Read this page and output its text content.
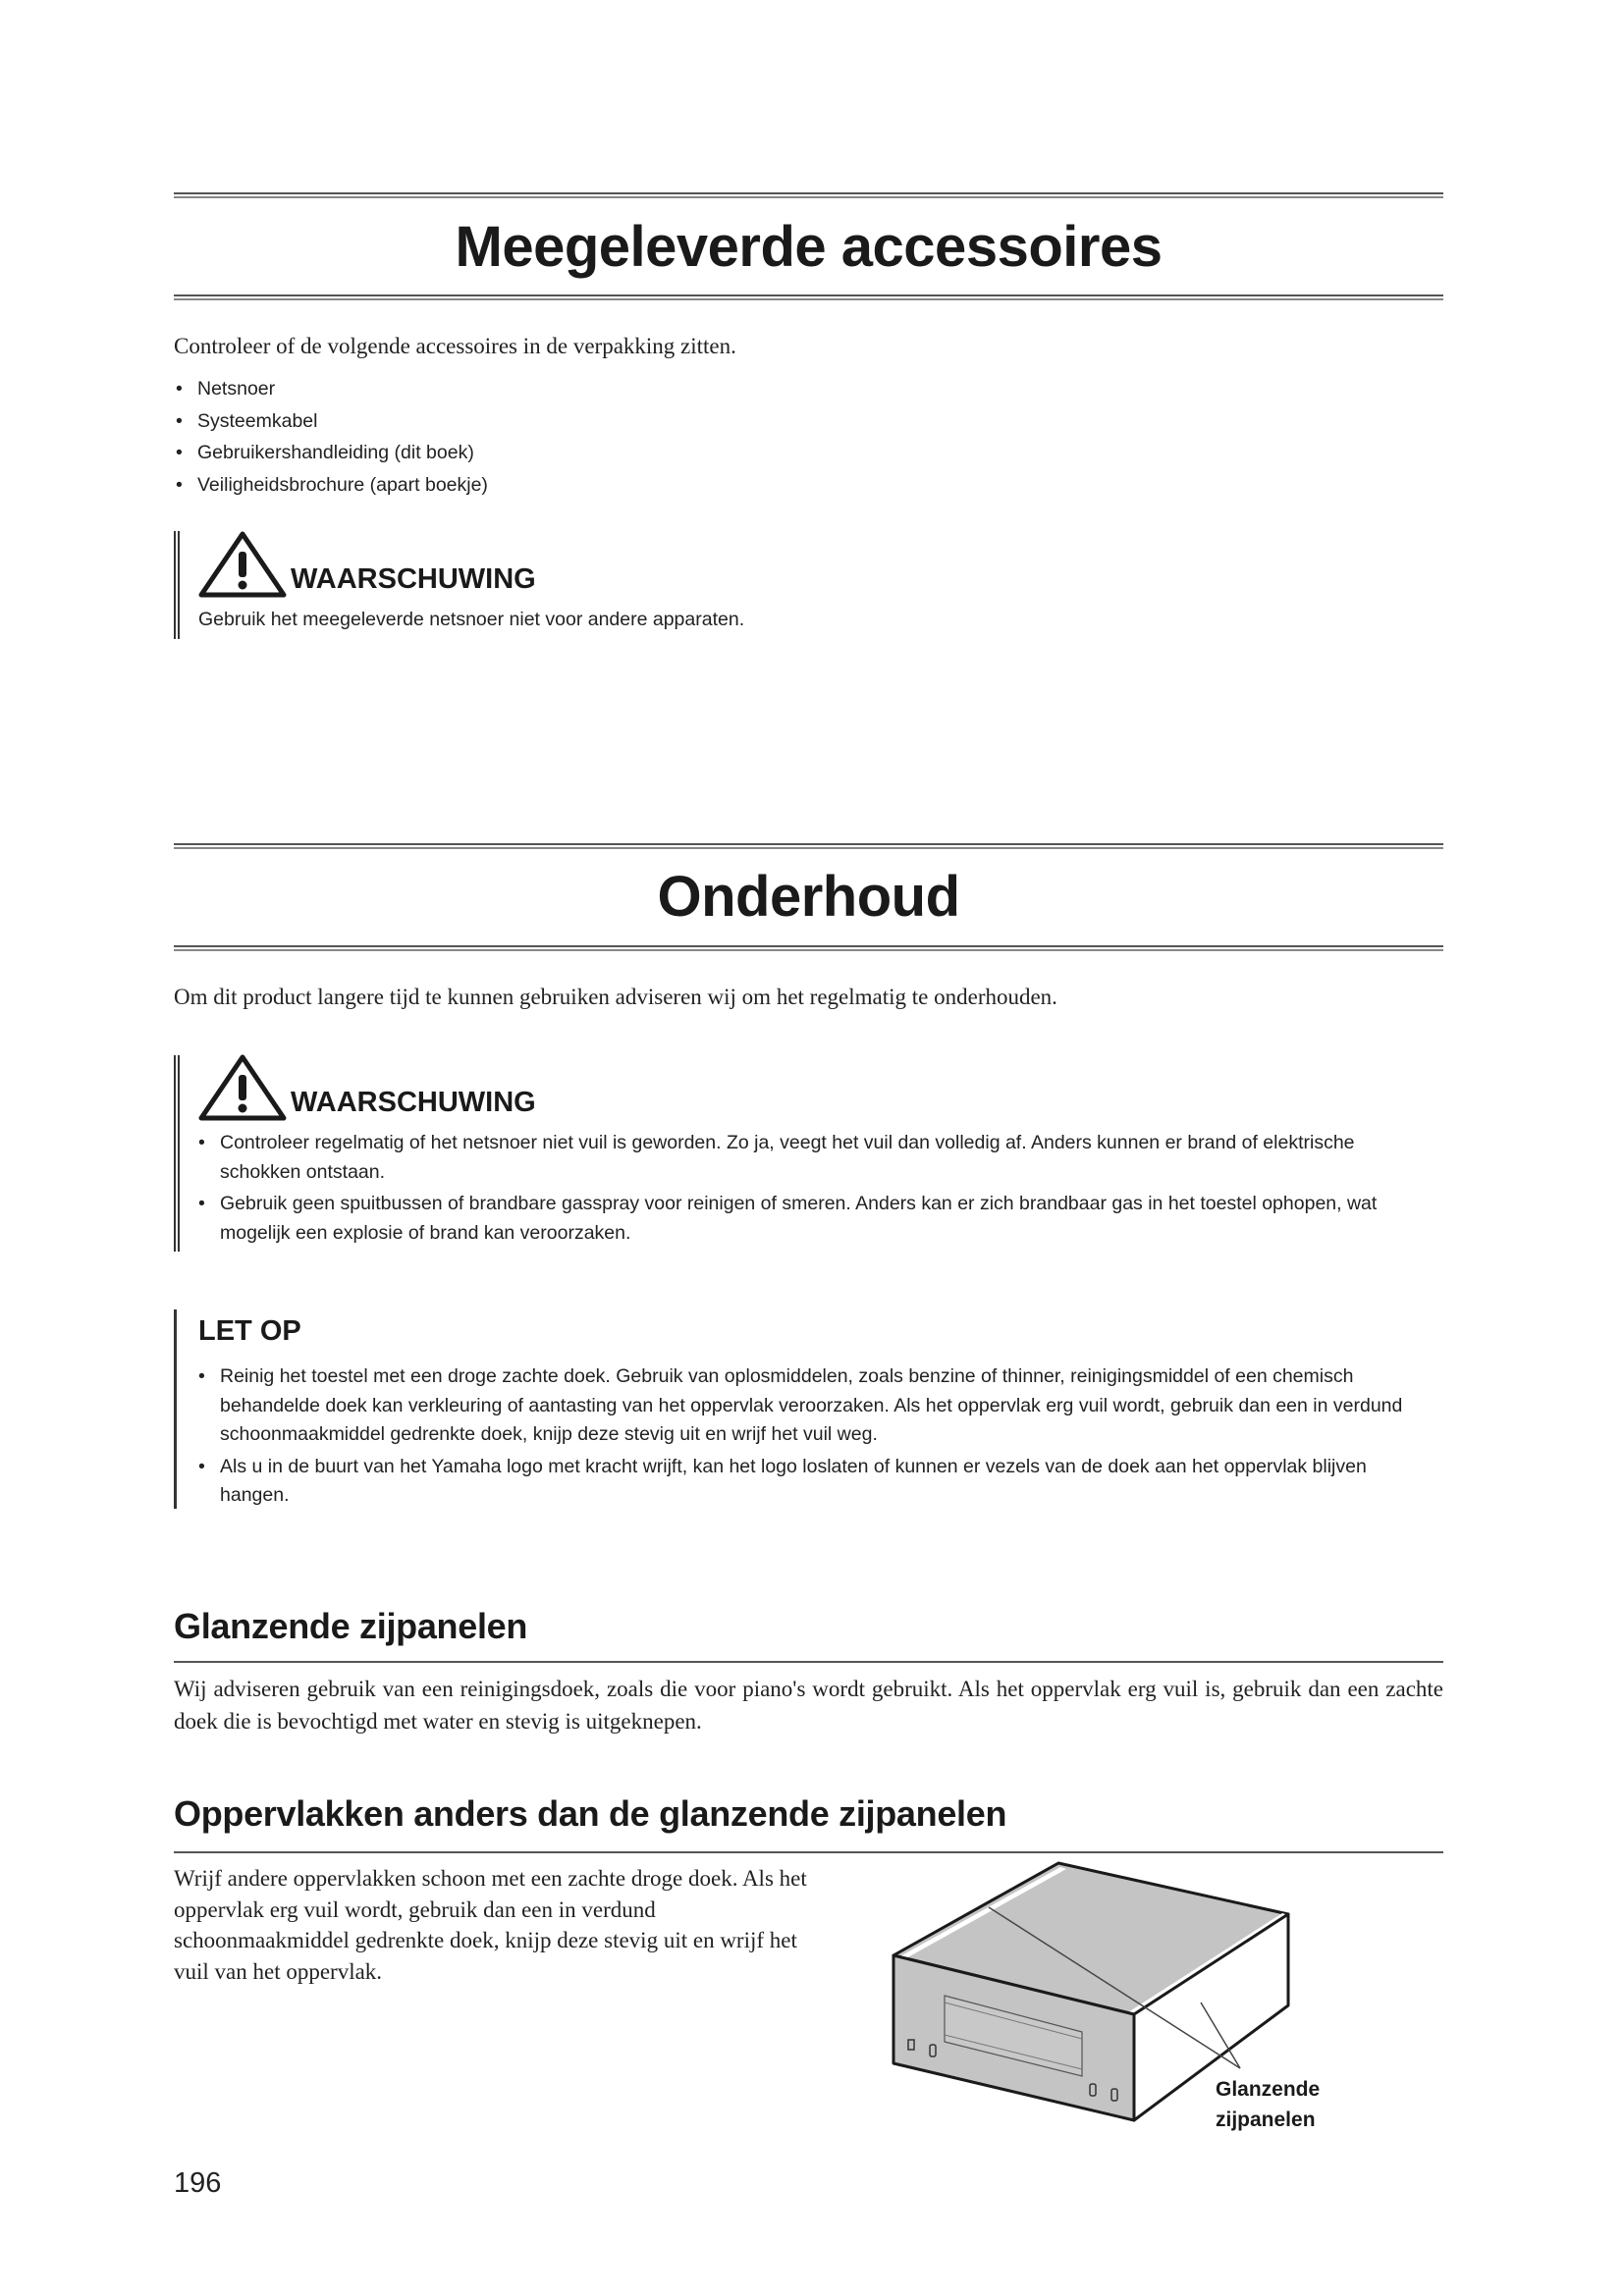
Meegeleverde accessoires
Controleer of de volgende accessoires in de verpakking zitten.
• Netsnoer
• Systeemkabel
• Gebruikershandleiding (dit boek)
• Veiligheidsbrochure (apart boekje)
WAARSCHUWING
Gebruik het meegeleverde netsnoer niet voor andere apparaten.
Onderhoud
Om dit product langere tijd te kunnen gebruiken adviseren wij om het regelmatig te onderhouden.
WAARSCHUWING
• Controleer regelmatig of het netsnoer niet vuil is geworden. Zo ja, veegt het vuil dan volledig af. Anders kunnen er brand of elektrische schokken ontstaan.
• Gebruik geen spuitbussen of brandbare gasspray voor reinigen of smeren. Anders kan er zich brandbaar gas in het toestel ophopen, wat mogelijk een explosie of brand kan veroorzaken.
LET OP
• Reinig het toestel met een droge zachte doek. Gebruik van oplosmiddelen, zoals benzine of thinner, reinigingsmiddel of een chemisch behandelde doek kan verkleuring of aantasting van het oppervlak veroorzaken. Als het oppervlak erg vuil wordt, gebruik dan een in verdund schoonmaakmiddel gedrenkte doek, knijp deze stevig uit en wrijf het vuil weg.
• Als u in de buurt van het Yamaha logo met kracht wrijft, kan het logo loslaten of kunnen er vezels van de doek aan het oppervlak blijven hangen.
Glanzende zijpanelen
Wij adviseren gebruik van een reinigingsdoek, zoals die voor piano's wordt gebruikt. Als het oppervlak erg vuil is, gebruik dan een zachte doek die is bevochtigd met water en stevig is uitgeknepen.
Oppervlakken anders dan de glanzende zijpanelen
Wrijf andere oppervlakken schoon met een zachte droge doek. Als het oppervlak erg vuil wordt, gebruik dan een in verdund schoonmaakmiddel gedrenkte doek, knijp deze stevig uit en wrijf het vuil van het oppervlak.
Glanzende
zijpanelen
196
